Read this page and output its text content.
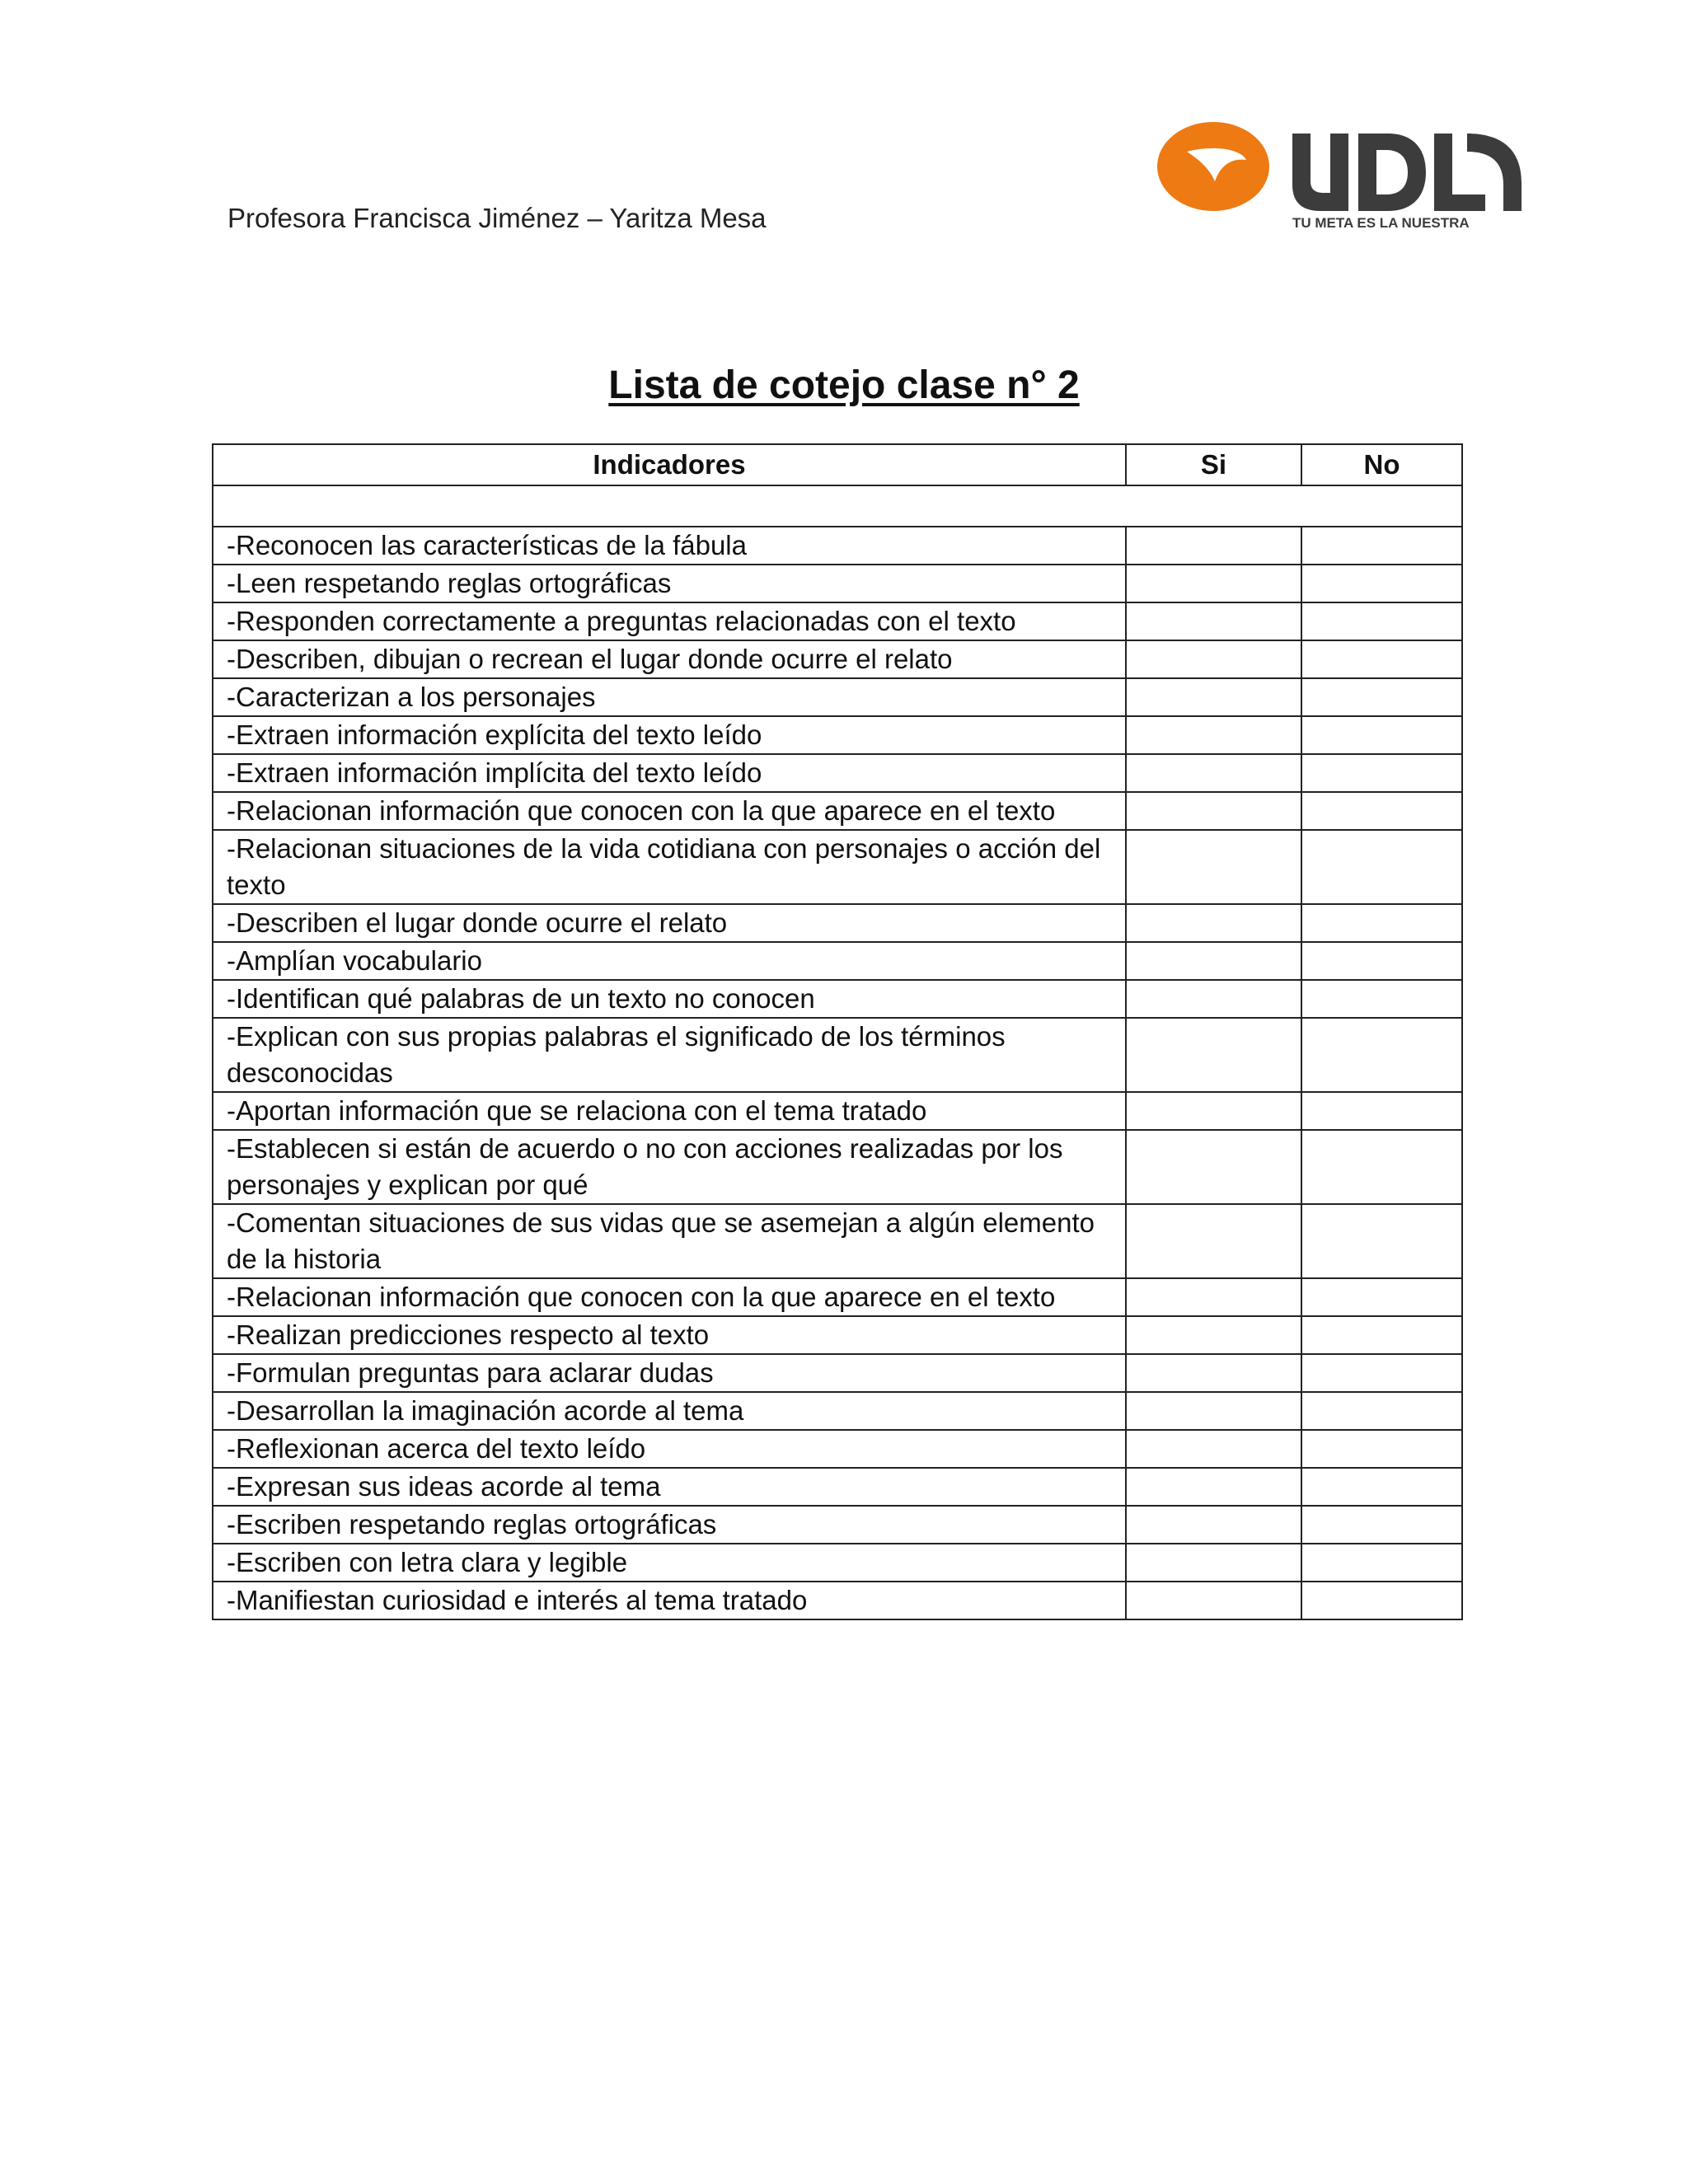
Profesora Francisca Jiménez – Yaritza Mesa	TU META ES LA NUESTRA
Lista de cotejo clase n° 2
Indicadores	Si	No

-Reconocen las características de la fábula		
-Leen respetando reglas ortográficas		
-Responden correctamente a preguntas relacionadas con el texto		
-Describen, dibujan o recrean el lugar donde ocurre el relato		
-Caracterizan a los personajes		
-Extraen información explícita del texto leído		
-Extraen información implícita del texto leído		
-Relacionan información que conocen con la que aparece en el texto		
-Relacionan situaciones de la vida cotidiana con personajes o acción del texto		
-Describen el lugar donde ocurre el relato		
-Amplían vocabulario		
-Identifican qué palabras de un texto no conocen		
-Explican con sus propias palabras el significado de los términos desconocidas		
-Aportan información que se relaciona con el tema tratado		
-Establecen si están de acuerdo o no con acciones realizadas por los personajes y explican por qué		
-Comentan situaciones de sus vidas que se asemejan a algún elemento de la historia		
-Relacionan información que conocen con la que aparece en el texto		
-Realizan predicciones respecto al texto		
-Formulan preguntas para aclarar dudas		
-Desarrollan la imaginación acorde al tema		
-Reflexionan acerca del texto leído		
-Expresan sus ideas acorde al tema		
-Escriben respetando reglas ortográficas		
-Escriben con letra clara y legible		
-Manifiestan curiosidad e interés al tema tratado		
